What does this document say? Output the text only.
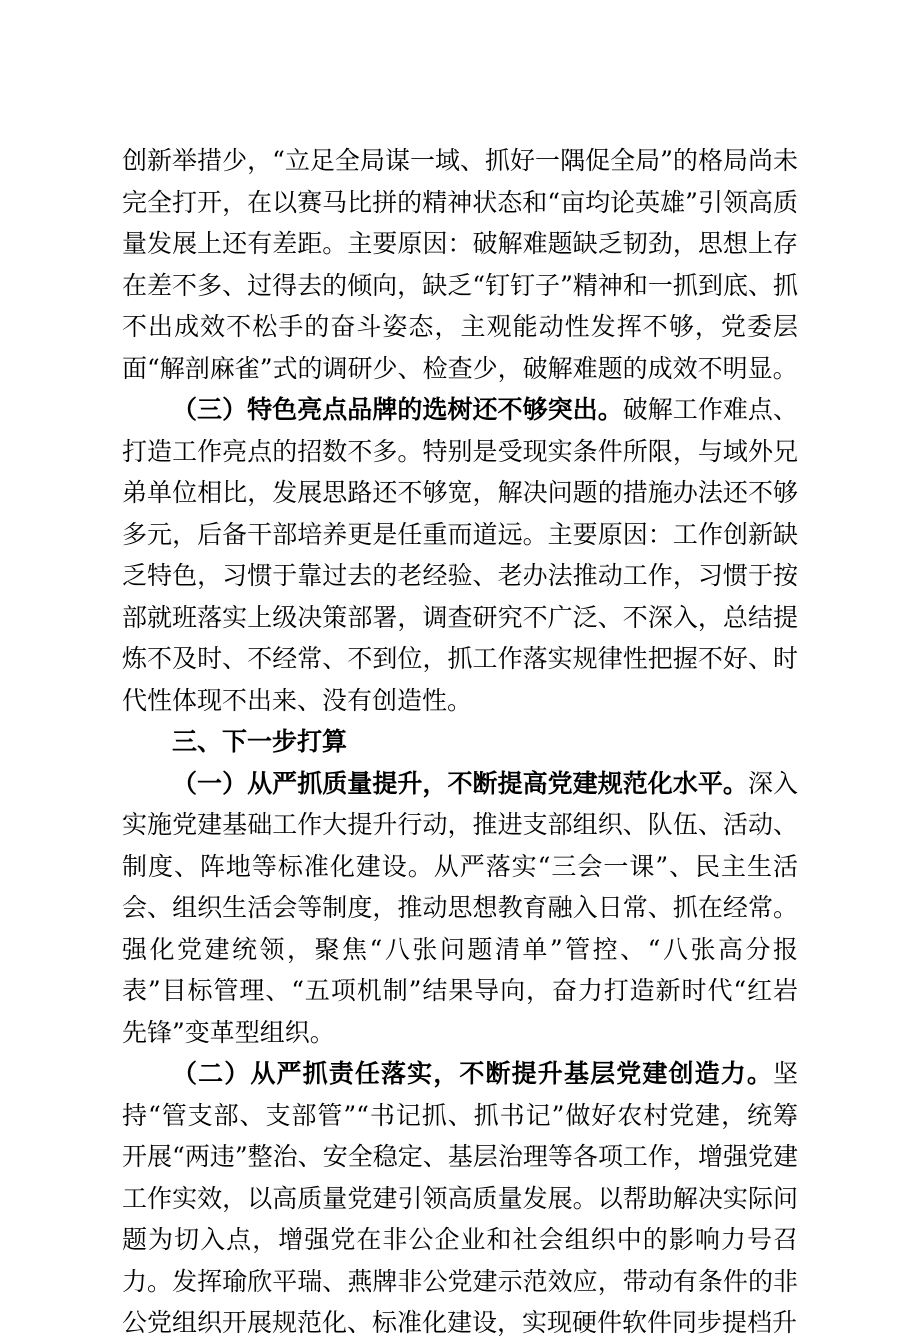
创新举措少，“立足全局谋一域、抓好一隅促全局”的格局尚未完全打开，在以赛马比拼的精神状态和“亩均论英雄”引领高质量发展上还有差距。主要原因：破解难题缺乏韧劲，思想上存在差不多、过得去的倾向，缺乏“钉钉子”精神和一抓到底、抓不出成效不松手的奋斗姿态，主观能动性发挥不够，党委层面“解剖麻雀”式的调研少、检查少，破解难题的成效不明显。

（三）特色亮点品牌的选树还不够突出。破解工作难点、打造工作亮点的招数不多。特别是受现实条件所限，与域外兄弟单位相比，发展思路还不够宽，解决问题的措施办法还不够多元，后备干部培养更是任重而道远。主要原因：工作创新缺乏特色，习惯于靠过去的老经验、老办法推动工作，习惯于按部就班落实上级决策部署，调查研究不广泛、不深入，总结提炼不及时、不经常、不到位，抓工作落实规律性把握不好、时代性体现不出来、没有创造性。

三、下一步打算

（一）从严抓质量提升，不断提高党建规范化水平。深入实施党建基础工作大提升行动，推进支部组织、队伍、活动、制度、阵地等标准化建设。从严落实“三会一课”、民主生活会、组织生活会等制度，推动思想教育融入日常、抓在经常。强化党建统领，聚焦“八张问题清单”管控、“八张高分报表”目标管理、“五项机制”结果导向，奋力打造新时代“红岩先锋”变革型组织。

（二）从严抓责任落实，不断提升基层党建创造力。坚持“管支部、支部管”“书记抓、抓书记”做好农村党建，统筹开展“两违”整治、安全稳定、基层治理等各项工作，增强党建工作实效，以高质量党建引领高质量发展。以帮助解决实际问题为切入点，增强党在非公企业和社会组织中的影响力号召力。发挥瑜欣平瑞、燕牌非公党建示范效应，带动有条件的非公党组织开展规范化、标准化建设，实现硬件软件同步提档升
